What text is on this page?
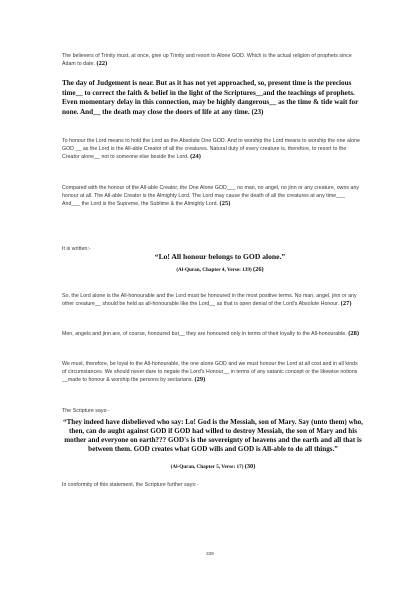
The believers of Trinity must, at once, give up Trinity and resort to Alone GOD. Which is the actual religion of prophets since Adam to date. (22)

The day of Judgement is near. But as it has not yet approached, so, present time is the precious time__ to correct the faith & belief in the light of the Scriptures__and the teachings of prophets. Even momentary delay in this connection, may be highly dangerous__ as the time & tide wait for none. And__ the death may close the doors of life at any time. (23)

To honour the Lord means to hold the Lord as the Absolute One GOD. And to worship the Lord means to worship the one alone GOD __ as the Lord is the All-able Creator of all the creatures. Natural duty of every creature is, therefore, to resort to the Creator alone__ not to someone else beside the Lord. (24)

Compared with the honour of the All-able Creator, the One Alone GOD___ no man, no angel, no jinn or any creature, owns any honour at all. The All-able Creator is the Almighty Lord. The Lord may cause the death of all the creatures at any time___ And___ the Lord is the Supreme, the Sublime & the Almighty Lord. (25)

It is written:-

“Lo! All honour belongs to GOD alone.”

(Al-Quran, Chapter 4, Verse: 139) (26)

So, the Lord alone is the All-honourable and the Lord must be honoured in the most positive terms. No man, angel, jinn or any other creature__ should be held as all-honourable like the Lord__ as that is open denial of the Lord's Absolute Honour. (27)

Men, angels and jinn are, of course, honoured but__ they are honoured only in terms of their loyalty to the All-honourable. (28)

We must, therefore, be loyal to the All-honourable, the one alone GOD and we must honour the Lord at all cost and in all kinds of circumstances. We should never dare to negate the Lord's Honour__ in terms of any satanic concept or the likewise notions __made to honour & worship the persons by sectarians. (29)

The Scripture says:-

“They indeed have disbelieved who say: Lo! God is the Messiah, son of Mary. Say (unto them) who, then, can do aught against GOD if GOD had willed to destroy Messiah, the son of Mary and his mother and everyone on earth??? GOD's is the sovereignty of heavens and the earth and all that is between them. GOD creates what GOD wills and GOD is All-able to do all things.”

(Al-Quran, Chapter 5, Verse: 17) (30)

In conformity of this statement, the Scripture further says:-

339
